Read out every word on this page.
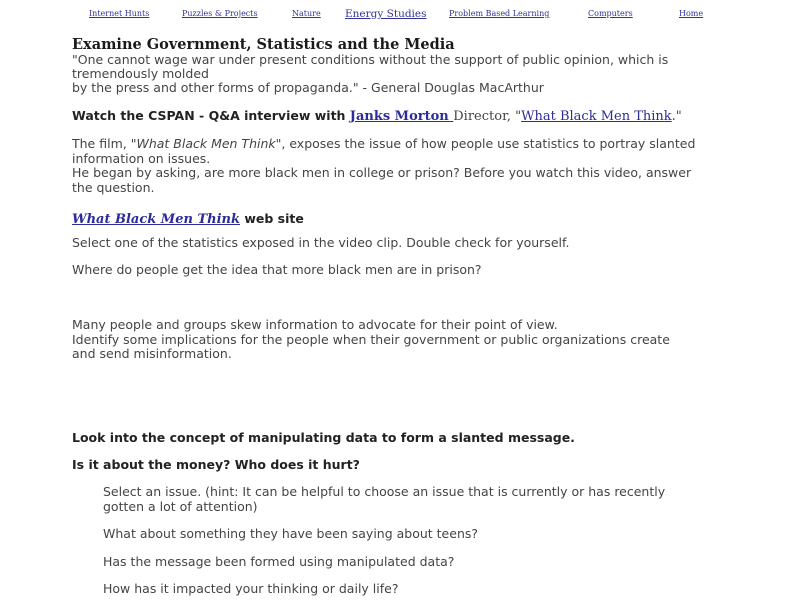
Internet Hunts	Puzzles & Projects	Nature Energy Studies	Problem Based Learning	Computers	Home
Examine Government, Statistics and the Media

"One cannot wage war under present conditions without the support of public opinion, which is

tremendously molded

by the press and other forms of propaganda." - General Douglas MacArthur

Watch the CSPAN - Q&A interview with Janks Morton Director, "What Black Men Think."
The film, "What Black Men Think", exposes the issue of how people use statistics to portray slanted
information on issues.
He began by asking, are more black men in college or prison? Before you watch this video, answer
the question.
What Black Men Think web site
Select one of the statistics exposed in the video clip. Double check for yourself.
Where do people get the idea that more black men are in prison?
Many people and groups skew information to advocate for their point of view.
Identify some implications for the people when their government or public organizations create
and send misinformation.
Look into the concept of manipulating data to form a slanted message.
Is it about the money? Who does it hurt?
Select an issue. (hint: It can be helpful to choose an issue that is currently or has recently
gotten a lot of attention)
What about something they have been saying about teens?
Has the message been formed using manipulated data?
How has it impacted your thinking or daily life?
